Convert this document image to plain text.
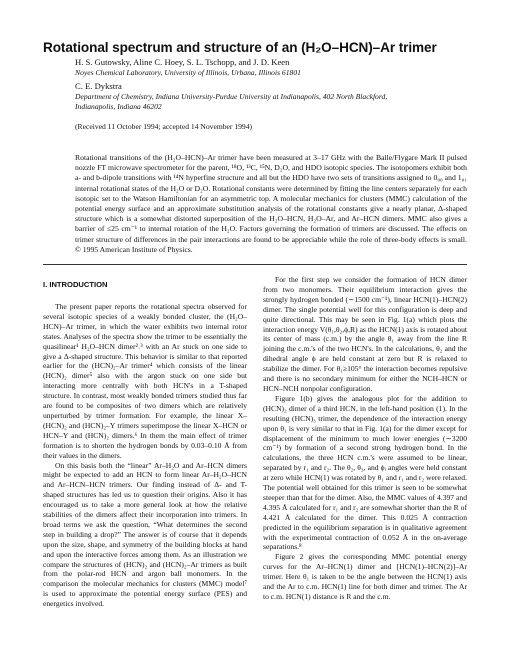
Rotational spectrum and structure of an (H₂O–HCN)–Ar trimer
H. S. Gutowsky, Aline C. Hoey, S. L. Tschopp, and J. D. Keen
Noyes Chemical Laboratory, University of Illinois, Urbana, Illinois 61801
C. E. Dykstra
Department of Chemistry, Indiana University-Purdue University at Indianapolis, 402 North Blackford,
Indianapolis, Indiana 46202
(Received 11 October 1994; accepted 14 November 1994)
Rotational transitions of the (H₂O–HCN)–Ar trimer have been measured at 3–17 GHz with the Balle/Flygare Mark II pulsed nozzle FT microwave spectrometer for the parent, ¹⁸O, ¹³C, ¹⁵N, D₂O, and HDO isotopic species. The isotopomers exhibit both a- and b-dipole transitions with ¹⁴N hyperfine structure and all but the HDO have two sets of transitions assigned to 0₀₀ and 1₀₁ internal rotational states of the H₂O or D₂O. Rotational constants were determined by fitting the line centers separately for each isotopic set to the Watson Hamiltonian for an asymmetric top. A molecular mechanics for clusters (MMC) calculation of the potential energy surface and an approximate substitution analysis of the rotational constants give a nearly planar, Δ-shaped structure which is a somewhat distorted superposition of the H₂O–HCN, H₂O–Ar, and Ar–HCN dimers. MMC also gives a barrier of ≤25 cm⁻¹ to internal rotation of the H₂O. Factors governing the formation of trimers are discussed. The effects on trimer structure of differences in the pair interactions are found to be appreciable while the role of three-body effects is small. © 1995 American Institute of Physics.
I. INTRODUCTION

The present paper reports the rotational spectra observed for several isotopic species of a weakly bonded cluster, the (H₂O–HCN)–Ar trimer, in which the water exhibits two internal rotor states. Analyses of the spectra show the trimer to be essentially the quasilinear¹ H₂O–HCN dimer²˒³ with an Ar stuck on one side to give a Δ-shaped structure. This behavior is similar to that reported earlier for the (HCN)₂–Ar trimer⁴ which consists of the linear (HCN)₂ dimer⁵ also with the argon stuck on one side but interacting more centrally with both HCN's in a T-shaped structure. In contrast, most weakly bonded trimers studied thus far are found to be composites of two dimers which are relatively unperturbed by trimer formation. For example, the linear X–(HCN)₂ and (HCN)₂–Y trimers superimpose the linear X–HCN or HCN–Y and (HCN)₂ dimers.⁶ In them the main effect of trimer formation is to shorten the hydrogen bonds by 0.03–0.10 Å from their values in the dimers.

On this basis both the “linear” Ar–H₂O and Ar–HCN dimers might be expected to add an HCN to form linear Ar–H₂O–HCN and Ar–HCN–HCN trimers. Our finding instead of Δ- and T-shaped structures has led us to question their origins. Also it has encouraged us to take a more general look at how the relative stabilities of the dimers affect their incorporation into trimers. In broad terms we ask the question, “What determines the second step in building a drop?” The answer is of course that it depends upon the size, shape, and symmetry of the building blocks at hand and upon the interactive forces among them. As an illustration we compare the structures of (HCN)₂ and (HCN)₂–Ar trimers as built from the polar-rod HCN and argon ball monomers. In the comparison the molecular mechanics for clusters (MMC) model⁷ is used to approximate the potential energy surface (PES) and energetics involved.

For the first step we consider the formation of HCN dimer from two monomers. Their equilibrium interaction gives the strongly hydrogen bonded (∼1500 cm⁻¹), linear HCN(1)–HCN(2) dimer. The single potential well for this configuration is deep and quite directional. This may be seen in Fig. 1(a) which plots the interaction energy V(θ₁,θ₂,ϕ,R) as the HCN(1) axis is rotated about its center of mass (c.m.) by the angle θ₁ away from the line R joining the c.m.'s of the two HCN's. In the calculations, θ₂ and the dihedral angle ϕ are held constant at zero but R is relaxed to stabilize the dimer. For θ₁≥105° the interaction becomes repulsive and there is no secondary minimum for either the NCH–HCN or HCN–NCH nonpolar configuration.

Figure 1(b) gives the analogous plot for the addition to (HCN)₂ dimer of a third HCN, in the left-hand position (1). In the resulting (HCN)₃ trimer, the dependence of the interaction energy upon θ₁ is very similar to that in Fig. 1(a) for the dimer except for displacement of the minimum to much lower energies (∼3200 cm⁻¹) by formation of a second strong hydrogen bond. In the calculations, the three HCN c.m.'s were assumed to be linear, separated by r₁ and r₂. The θ₂, θ₃, and ϕᵢ angles were held constant at zero while HCN(1) was rotated by θ₁ and r₁ and r₂ were relaxed. The potential well obtained for this trimer is seen to be somewhat steeper than that for the dimer. Also, the MMC values of 4.397 and 4.395 Å calculated for r₁ and r₂ are somewhat shorter than the R of 4.421 Å calculated for the dimer. This 0.025 Å contraction predicted in the equilibrium separation is in qualitative agreement with the experimental contraction of 0.052 Å in the on-average separations.⁸

Figure 2 gives the corresponding MMC potential energy curves for the Ar–HCN(1) dimer and [HCN(1)–HCN(2)]–Ar trimer. Here θ₁ is taken to be the angle between the HCN(1) axis and the Ar to c.m. HCN(1) line for both dimer and trimer. The Ar to c.m. HCN(1) distance is R and the c.m.
